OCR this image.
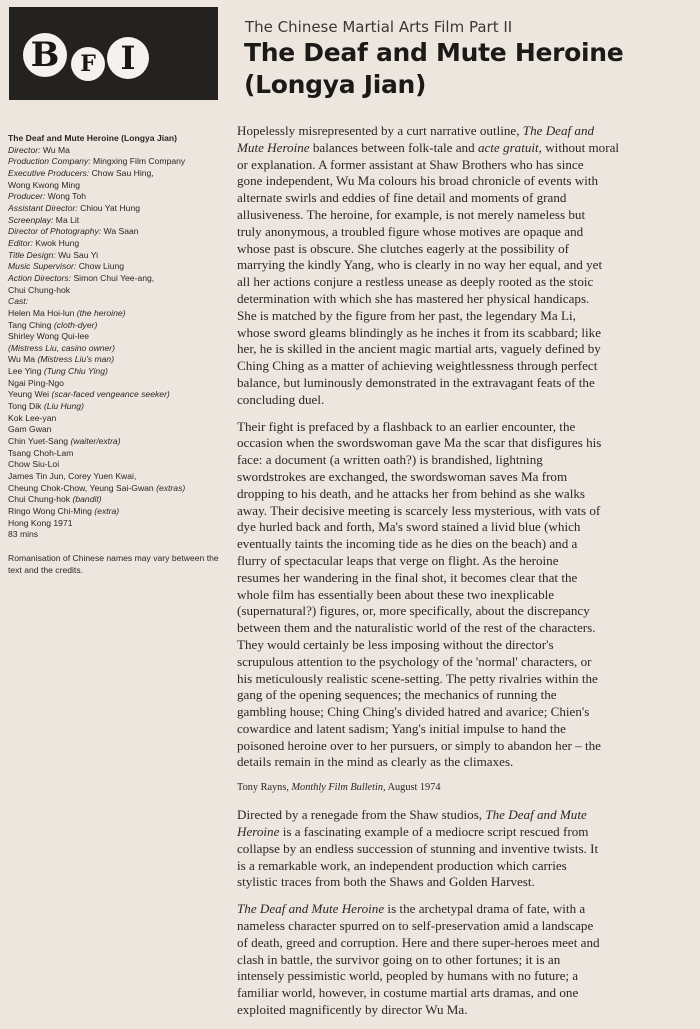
B F I
The Chinese Martial Arts Film Part II
The Deaf and Mute Heroine
(Longya Jian)
The Deaf and Mute Heroine (Longya Jian)
Director: Wu Ma
Production Company: Mingxing Film Company
Executive Producers: Chow Sau Hing,
Wong Kwong Ming
Producer: Wong Toh
Assistant Director: Chiou Yat Hung
Screenplay: Ma Lit
Director of Photography: Wa Saan
Editor: Kwok Hung
Title Design: Wu Sau Yi
Music Supervisor: Chow Liung
Action Directors: Simon Chui Yee-ang,
Chui Chung-hok
Cast:
Helen Ma Hoi-lun (the heroine)
Tang Ching (cloth-dyer)
Shirley Wong Qui-lee
(Mistress Liu, casino owner)
Wu Ma (Mistress Liu's man)
Lee Ying (Tung Chiu Ying)
Ngai Ping-Ngo
Yeung Wei (scar-faced vengeance seeker)
Tong Dik (Liu Hung)
Kok Lee-yan
Gam Gwan
Chin Yuet-Sang (waiter/extra)
Tsang Choh-Lam
Chow Siu-Loi
James Tin Jun, Corey Yuen Kwai,
Cheung Chok-Chow, Yeung Sai-Gwan (extras)
Chui Chung-hok (bandit)
Ringo Wong Chi-Ming (extra)
Hong Kong 1971
83 mins
Romanisation of Chinese names may vary between the text and the credits.

Hopelessly misrepresented by a curt narrative outline, The Deaf and
Mute Heroine balances between folk-tale and acte gratuit, without moral
or explanation. A former assistant at Shaw Brothers who has since
gone independent, Wu Ma colours his broad chronicle of events with
alternate swirls and eddies of fine detail and moments of grand
allusiveness. The heroine, for example, is not merely nameless but
truly anonymous, a troubled figure whose motives are opaque and
whose past is obscure. She clutches eagerly at the possibility of
marrying the kindly Yang, who is clearly in no way her equal, and yet
all her actions conjure a restless unease as deeply rooted as the stoic
determination with which she has mastered her physical handicaps.
She is matched by the figure from her past, the legendary Ma Li,
whose sword gleams blindingly as he inches it from its scabbard; like
her, he is skilled in the ancient magic martial arts, vaguely defined by
Ching Ching as a matter of achieving weightlessness through perfect
balance, but luminously demonstrated in the extravagant feats of the
concluding duel.

Their fight is prefaced by a flashback to an earlier encounter, the
occasion when the swordswoman gave Ma the scar that disfigures his
face: a document (a written oath?) is brandished, lightning
swordstrokes are exchanged, the swordswoman saves Ma from
dropping to his death, and he attacks her from behind as she walks
away. Their decisive meeting is scarcely less mysterious, with vats of
dye hurled back and forth, Ma's sword stained a livid blue (which
eventually taints the incoming tide as he dies on the beach) and a
flurry of spectacular leaps that verge on flight. As the heroine
resumes her wandering in the final shot, it becomes clear that the
whole film has essentially been about these two inexplicable
(supernatural?) figures, or, more specifically, about the discrepancy
between them and the naturalistic world of the rest of the characters.
They would certainly be less imposing without the director's
scrupulous attention to the psychology of the 'normal' characters, or
his meticulously realistic scene-setting. The petty rivalries within the
gang of the opening sequences; the mechanics of running the
gambling house; Ching Ching's divided hatred and avarice; Chien's
cowardice and latent sadism; Yang's initial impulse to hand the
poisoned heroine over to her pursuers, or simply to abandon her – the
details remain in the mind as clearly as the climaxes.

Tony Rayns, Monthly Film Bulletin, August 1974

Directed by a renegade from the Shaw studios, The Deaf and Mute
Heroine is a fascinating example of a mediocre script rescued from
collapse by an endless succession of stunning and inventive twists. It
is a remarkable work, an independent production which carries
stylistic traces from both the Shaws and Golden Harvest.

The Deaf and Mute Heroine is the archetypal drama of fate, with a
nameless character spurred on to self-preservation amid a landscape
of death, greed and corruption. Here and there super-heroes meet and
clash in battle, the survivor going on to other fortunes; it is an
intensely pessimistic world, peopled by humans with no future; a
familiar world, however, in costume martial arts dramas, and one
exploited magnificently by director Wu Ma.
